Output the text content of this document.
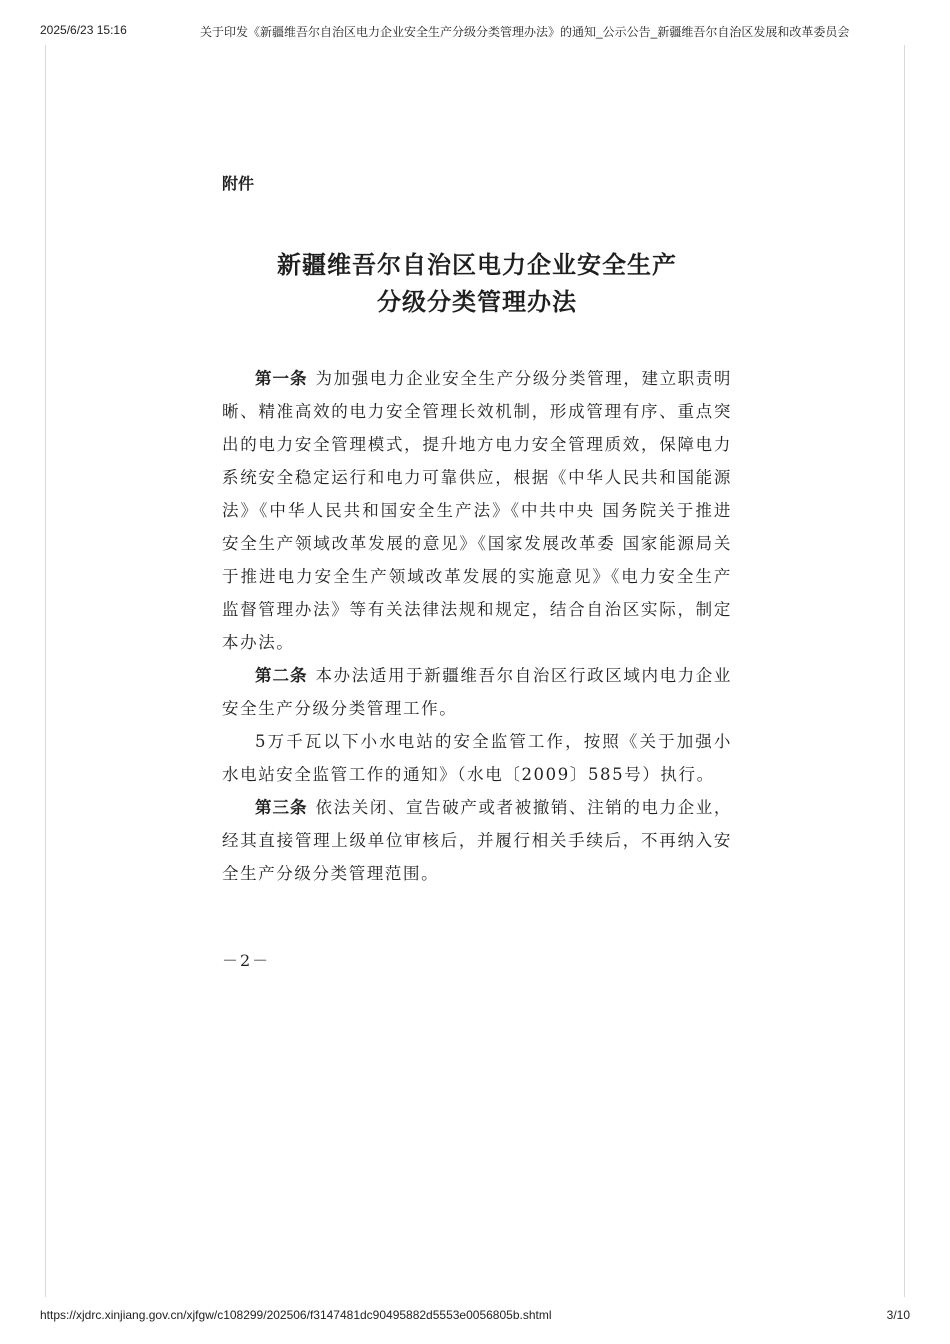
2025/6/23 15:16	关于印发《新疆维吾尔自治区电力企业安全生产分级分类管理办法》的通知_公示公告_新疆维吾尔自治区发展和改革委员会

附件

新疆维吾尔自治区电力企业安全生产
分级分类管理办法

第一条 为加强电力企业安全生产分级分类管理，建立职责明晰、精准高效的电力安全管理长效机制，形成管理有序、重点突出的电力安全管理模式，提升地方电力安全管理质效，保障电力系统安全稳定运行和电力可靠供应，根据《中华人民共和国能源法》《中华人民共和国安全生产法》《中共中央 国务院关于推进安全生产领域改革发展的意见》《国家发展改革委 国家能源局关于推进电力安全生产领域改革发展的实施意见》《电力安全生产监督管理办法》等有关法律法规和规定，结合自治区实际，制定本办法。

第二条 本办法适用于新疆维吾尔自治区行政区域内电力企业安全生产分级分类管理工作。

5万千瓦以下小水电站的安全监管工作，按照《关于加强小水电站安全监管工作的通知》（水电〔2009〕585号）执行。

第三条 依法关闭、宣告破产或者被撤销、注销的电力企业，经其直接管理上级单位审核后，并履行相关手续后，不再纳入安全生产分级分类管理范围。

－2－
https://xjdrc.xinjiang.gov.cn/xjfgw/c108299/202506/f3147481dc90495882d5553e0056805b.shtml	3/10
